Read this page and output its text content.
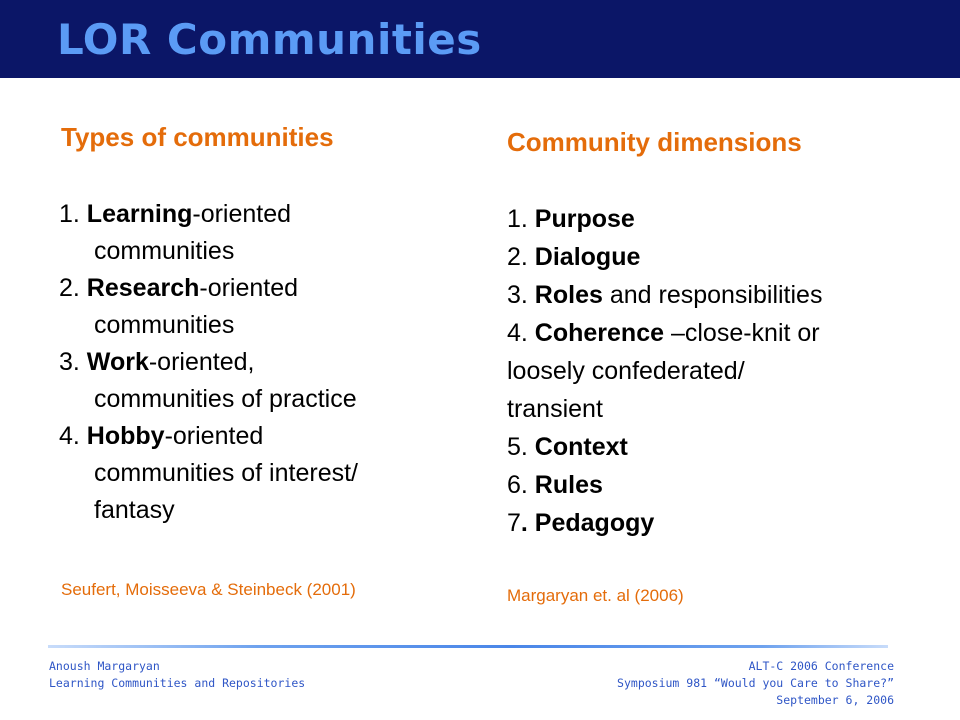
LOR Communities
Types of communities
1. Learning-oriented
communities
2. Research-oriented
communities
3. Work-oriented,
communities of practice
4. Hobby-oriented
communities of interest/
fantasy
Seufert, Moisseeva & Steinbeck (2001)
Community dimensions
1. Purpose
2. Dialogue
3. Roles and responsibilities
4. Coherence –close-knit or
loosely confederated/
transient
5. Context
6. Rules
7. Pedagogy
Margaryan et. al (2006)
Anoush Margaryan
Learning Communities and Repositories
ALT-C 2006 Conference
Symposium 981 “Would you Care to Share?”
September 6, 2006
